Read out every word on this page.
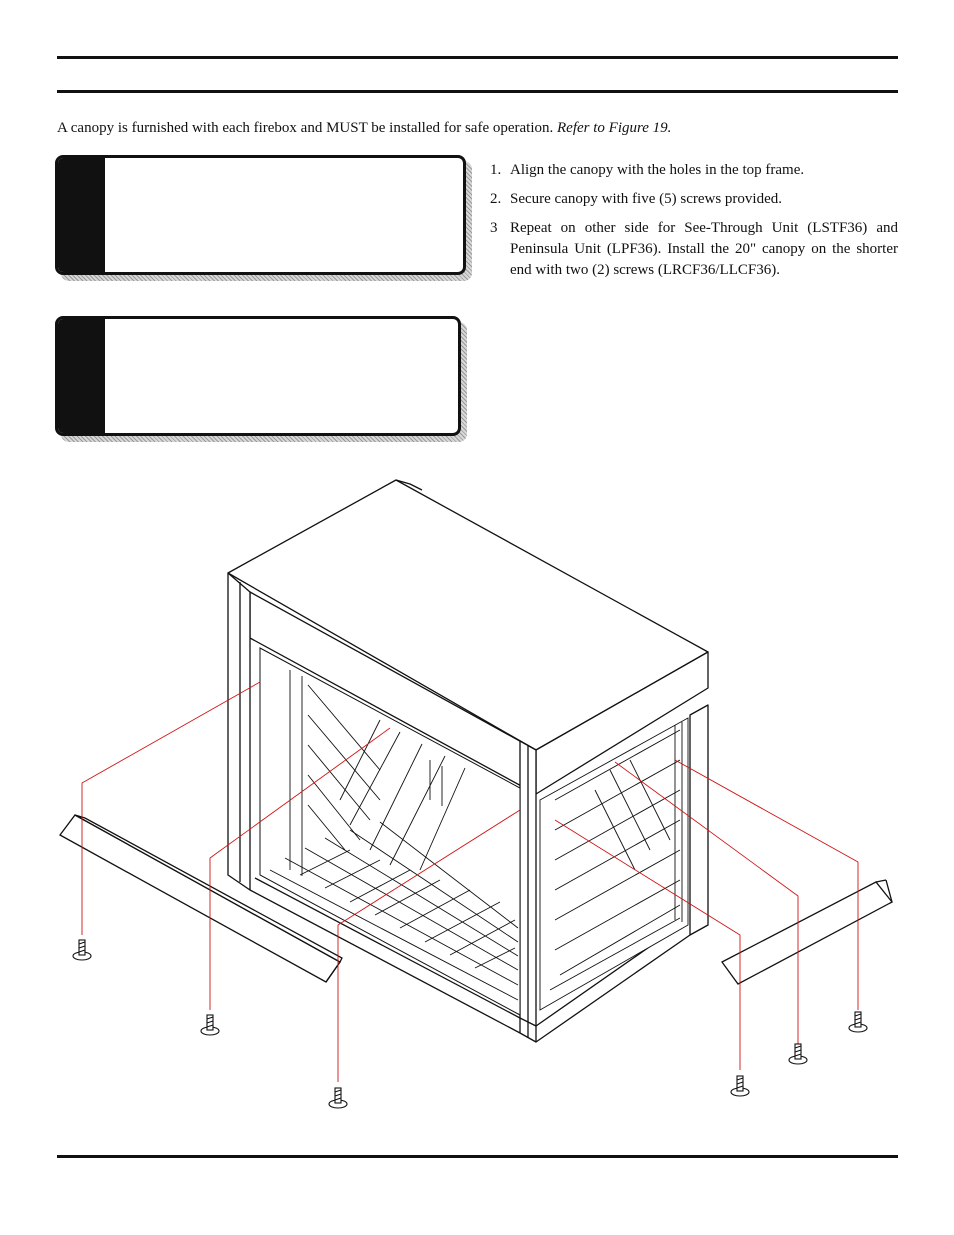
A canopy is furnished with each firebox and MUST be installed for safe operation. Refer to Figure 19.

1. Align the canopy with the holes in the top frame.
2. Secure canopy with five (5) screws provided.
3 Repeat on other side for See-Through Unit (LSTF36) and Peninsula Unit (LPF36). Install the 20" canopy on the shorter end with two (2) screws (LRCF36/LLCF36).
